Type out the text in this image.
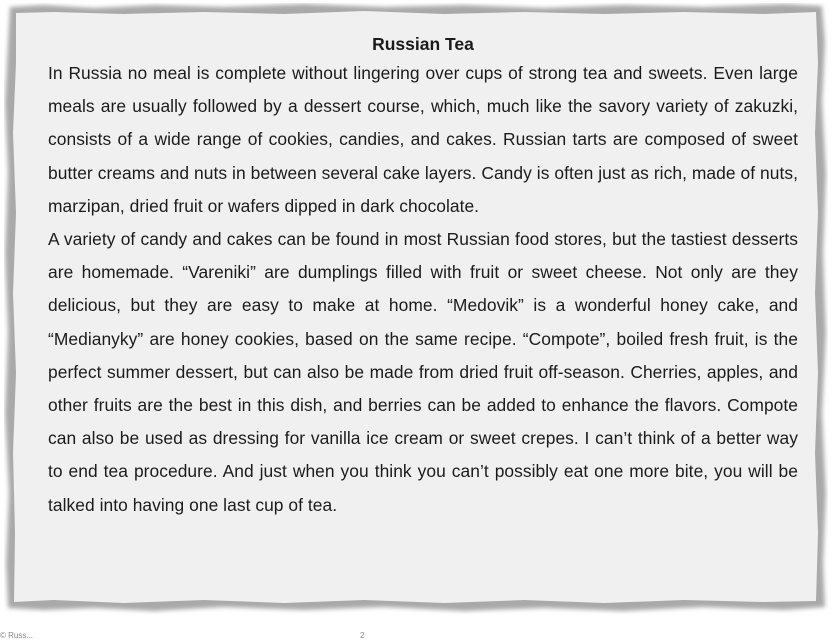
Russian Tea

In Russia no meal is complete without lingering over cups of strong tea and sweets. Even large meals are usually followed by a dessert course, which, much like the savory variety of zakuzki, consists of a wide range of cookies, candies, and cakes. Russian tarts are composed of sweet butter creams and nuts in between several cake layers. Candy is often just as rich, made of nuts, marzipan, dried fruit or wafers dipped in dark chocolate.

A variety of candy and cakes can be found in most Russian food stores, but the tastiest desserts are homemade. “Vareniki” are dumplings filled with fruit or sweet cheese. Not only are they delicious, but they are easy to make at home. “Medovik” is a wonderful honey cake, and “Medianyky” are honey cookies, based on the same recipe. “Compote”, boiled fresh fruit, is the perfect summer dessert, but can also be made from dried fruit off-season. Cherries, apples, and other fruits are the best in this dish, and berries can be added to enhance the flavors. Compote can also be used as dressing for vanilla ice cream or sweet crepes. I can’t think of a better way to end tea procedure. And just when you think you can’t possibly eat one more bite, you will be talked into having one last cup of tea.

© Russ...	2
